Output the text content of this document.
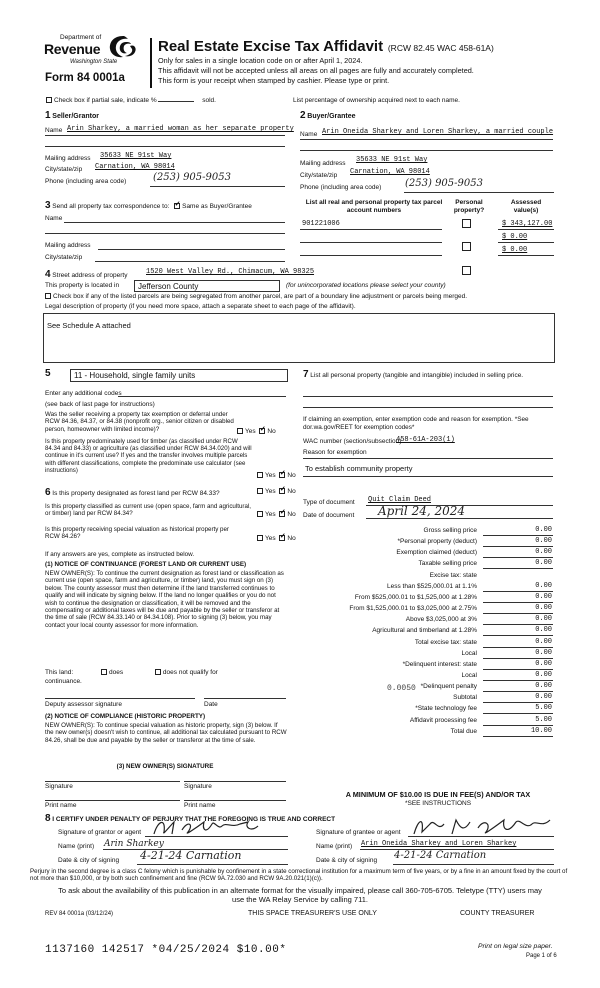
Department of
Revenue
Washington State
Form 84 0001a
Real Estate Excise Tax Affidavit (RCW 82.45 WAC 458-61A)
Only for sales in a single location code on or after April 1, 2024.
This affidavit will not be accepted unless all areas on all pages are fully and accurately completed.
This form is your receipt when stamped by cashier. Please type or print.
Check box if partial sale, indicate %	sold.	List percentage of ownership acquired next to each name.
1 Seller/Grantor
Name Arin Sharkey, a married woman as her separate property
Mailing address 35633 NE 91st Way
City/state/zip Carnation, WA 98014
Phone (including area code)	(253) 905-9053
2 Buyer/Grantee
Name Arin Oneida Sharkey and Loren Sharkey, a married couple
Mailing address 35633 NE 91st Way
City/state/zip Carnation, WA 98014
Phone (including area code) (253) 905-9053
3 Send all property tax correspondence to: ✓ Same as Buyer/Grantee
Name
Mailing address
City/state/zip
List all real and personal property tax parcel account numbers
Personal property?
Assessed value(s)
901221006	$ 343,127.00
$ 0.00
$ 0.00
4 Street address of property	1520 West Valley Rd., Chimacum, WA 98325
This property is located in Jefferson County	(for unincorporated locations please select your county)
Check box if any of the listed parcels are being segregated from another parcel, are part of a boundary line adjustment or parcels being merged.
Legal description of property (if you need more space, attach a separate sheet to each page of the affidavit).
See Schedule A attached
5	11 - Household, single family units
Enter any additional codes
(see back of last page for instructions)
Was the seller receiving a property tax exemption or deferral under RCW 84.36, 84.37, or 84.38 (nonprofit org., senior citizen or disabled person, homeowner with limited income)?	Yes ✓ No
Is this property predominately used for timber (as classified under RCW 84.34 and 84.33) or agriculture (as classified under RCW 84.34.020) and will continue in it's current use? If yes and the transfer involves multiple parcels with different classifications, complete the predominate use calculator (see instructions)
Yes ✓ No
6 Is this property designated as forest land per RCW 84.33?	Yes ✓ No
Is this property classified as current use (open space, farm and agricultural, or timber) land per RCW 84.34?	Yes ✓ No
Is this property receiving special valuation as historical property per RCW 84.26?	Yes ✓ No
If any answers are yes, complete as instructed below.
(1) NOTICE OF CONTINUANCE (FOREST LAND OR CURRENT USE)
NEW OWNER(S): To continue the current designation as forest land or classification as current use (open space, farm and agriculture, or timber) land, you must sign on (3) below. The county assessor must then determine if the land transferred continues to qualify and will indicate by signing below. If the land no longer qualifies or you do not wish to continue the designation or classification, it will be removed and the compensating or additional taxes will be due and payable by the seller or transferor at the time of sale (RCW 84.33.140 or 84.34.108). Prior to signing (3) below, you may contact your local county assessor for more information.
This land:	does	does not qualify for
continuance.
Deputy assessor signature	Date
(2) NOTICE OF COMPLIANCE (HISTORIC PROPERTY)
NEW OWNER(S): To continue special valuation as historic property, sign (3) below. If the new owner(s) doesn't wish to continue, all additional tax calculated pursuant to RCW 84.26, shall be due and payable by the seller or transferor at the time of sale.
(3) NEW OWNER(S) SIGNATURE
Signature	Signature
Print name	Print name
7 List all personal property (tangible and intangible) included in selling price.
If claiming an exemption, enter exemption code and reason for exemption. *See dor.wa.gov/REET for exemption codes*
WAC number (section/subsection)
458-61A-203(1)
Reason for exemption
To establish community property
Type of document Quit Claim Deed
Date of document April 24, 2024
Gross selling price	0.00
*Personal property (deduct)	0.00
Exemption claimed (deduct)	0.00
Taxable selling price	0.00
Excise tax: state
Less than $525,000.01 at 1.1%	0.00
From $525,000.01 to $1,525,000 at 1.28%	0.00
From $1,525,000.01 to $3,025,000 at 2.75%	0.00
Above $3,025,000 at 3%	0.00
Agricultural and timberland at 1.28%	0.00
Total excise tax: state	0.00
Local	0.00
*Delinquent interest: state	0.00
Local	0.00
*Delinquent penalty	0.00
Subtotal	0.00
*State technology fee	5.00
Affidavit processing fee	5.00
Total due	10.00
0.0050
A MINIMUM OF $10.00 IS DUE IN FEE(S) AND/OR TAX
*SEE INSTRUCTIONS
8 I CERTIFY UNDER PENALTY OF PERJURY THAT THE FOREGOING IS TRUE AND CORRECT
Signature of grantor or agent
Name (print) Arin Sharkey
Date & city of signing 4-21-24 Carnation
Signature of grantee or agent
Name (print) Arin Oneida Sharkey and Loren Sharkey
Date & city of signing 4-21-24 Carnation
Perjury in the second degree is a class C felony which is punishable by confinement in a state correctional institution for a maximum term of five years, or by a fine in an amount fixed by the court of not more than $10,000, or by both such confinement and fine (RCW 9A.72.030 and RCW 9A.20.021(1)(c)).
To ask about the availability of this publication in an alternate format for the visually impaired, please call 360-705-6705. Teletype (TTY) users may use the WA Relay Service by calling 711.
REV 84 0001a (03/12/24)	THIS SPACE TREASURER'S USE ONLY	COUNTY TREASURER
1137160 142517 *04/25/2024 $10.00*	Print on legal size paper.
Page 1 of 6
